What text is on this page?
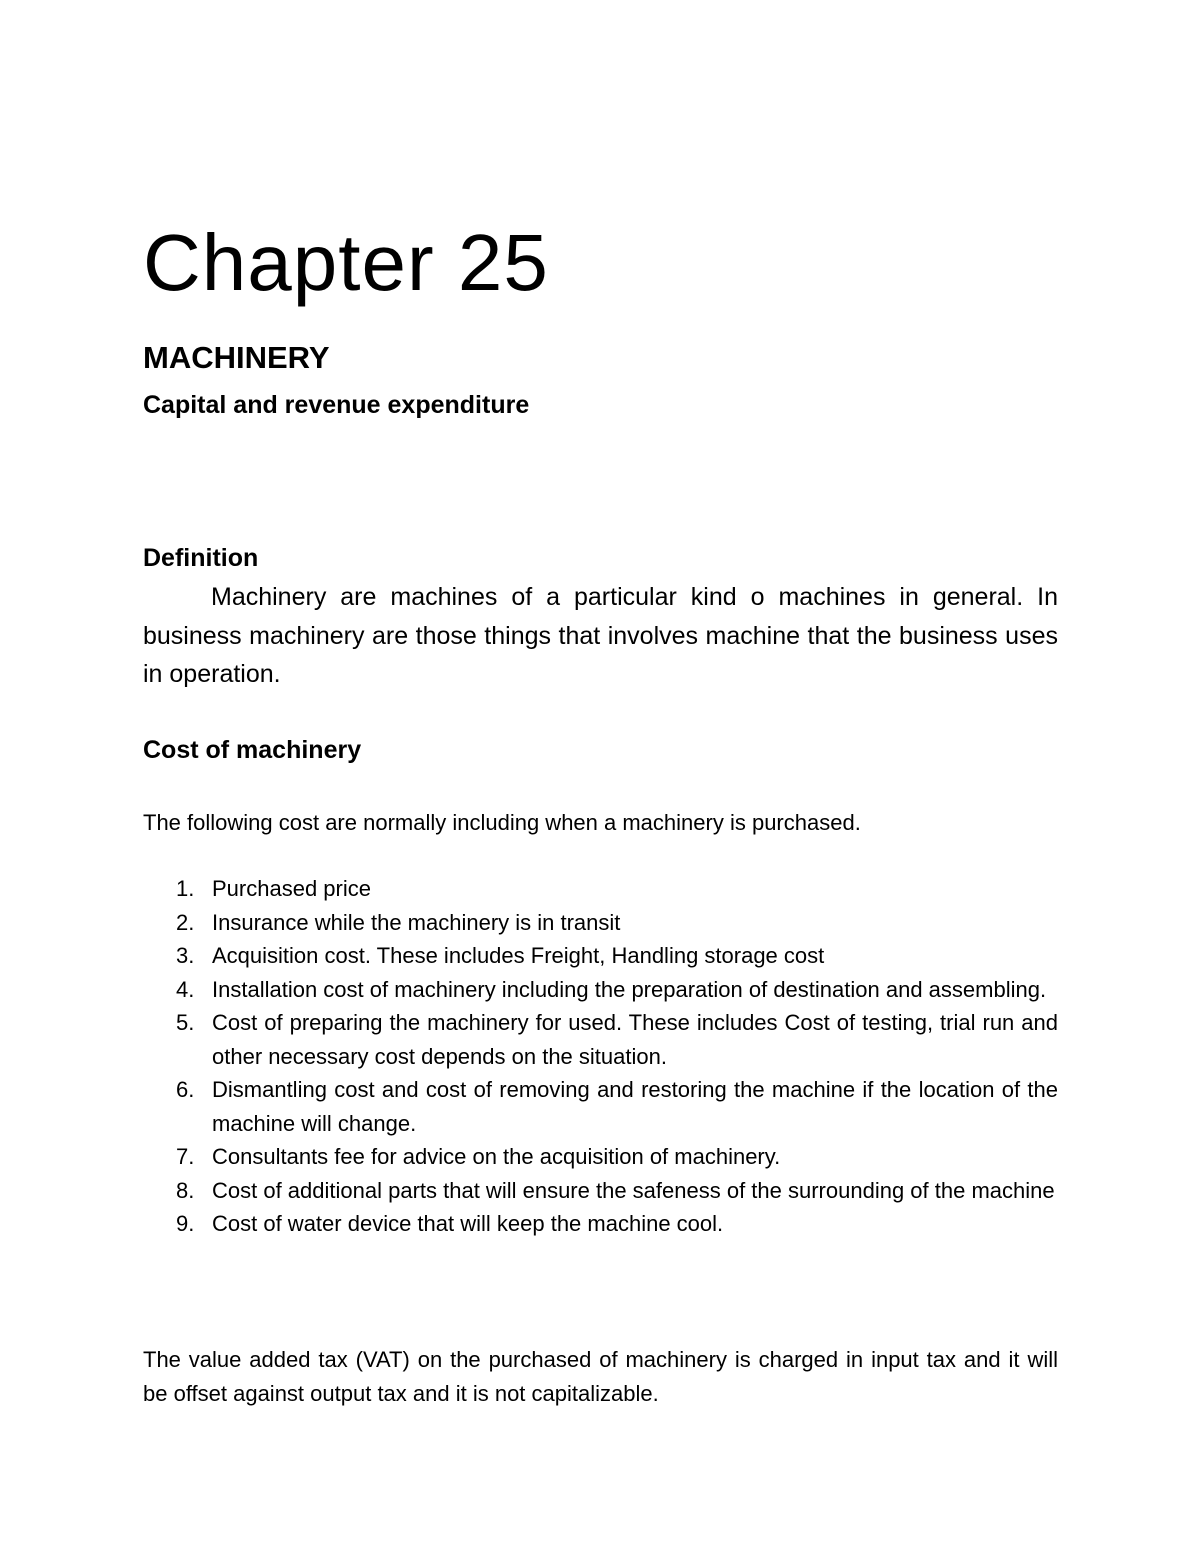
Chapter 25
MACHINERY
Capital and revenue expenditure
Definition

Machinery are machines of a particular kind o machines in general. In business machinery are those things that involves machine that the business uses in operation.

Cost of machinery

The following cost are normally including when a machinery is purchased.

1. Purchased price
2. Insurance while the machinery is in transit
3. Acquisition cost. These includes Freight, Handling storage cost
4. Installation cost of machinery including the preparation of destination and assembling.
5. Cost of preparing the machinery for used. These includes Cost of testing, trial run and other necessary cost depends on the situation.
6. Dismantling cost and cost of removing and restoring the machine if the location of the machine will change.
7. Consultants fee for advice on the acquisition of machinery.
8. Cost of additional parts that will ensure the safeness of the surrounding of the machine
9. Cost of water device that will keep the machine cool.

The value added tax (VAT) on the purchased of machinery is charged in input tax and it will be offset against output tax and it is not capitalizable.
